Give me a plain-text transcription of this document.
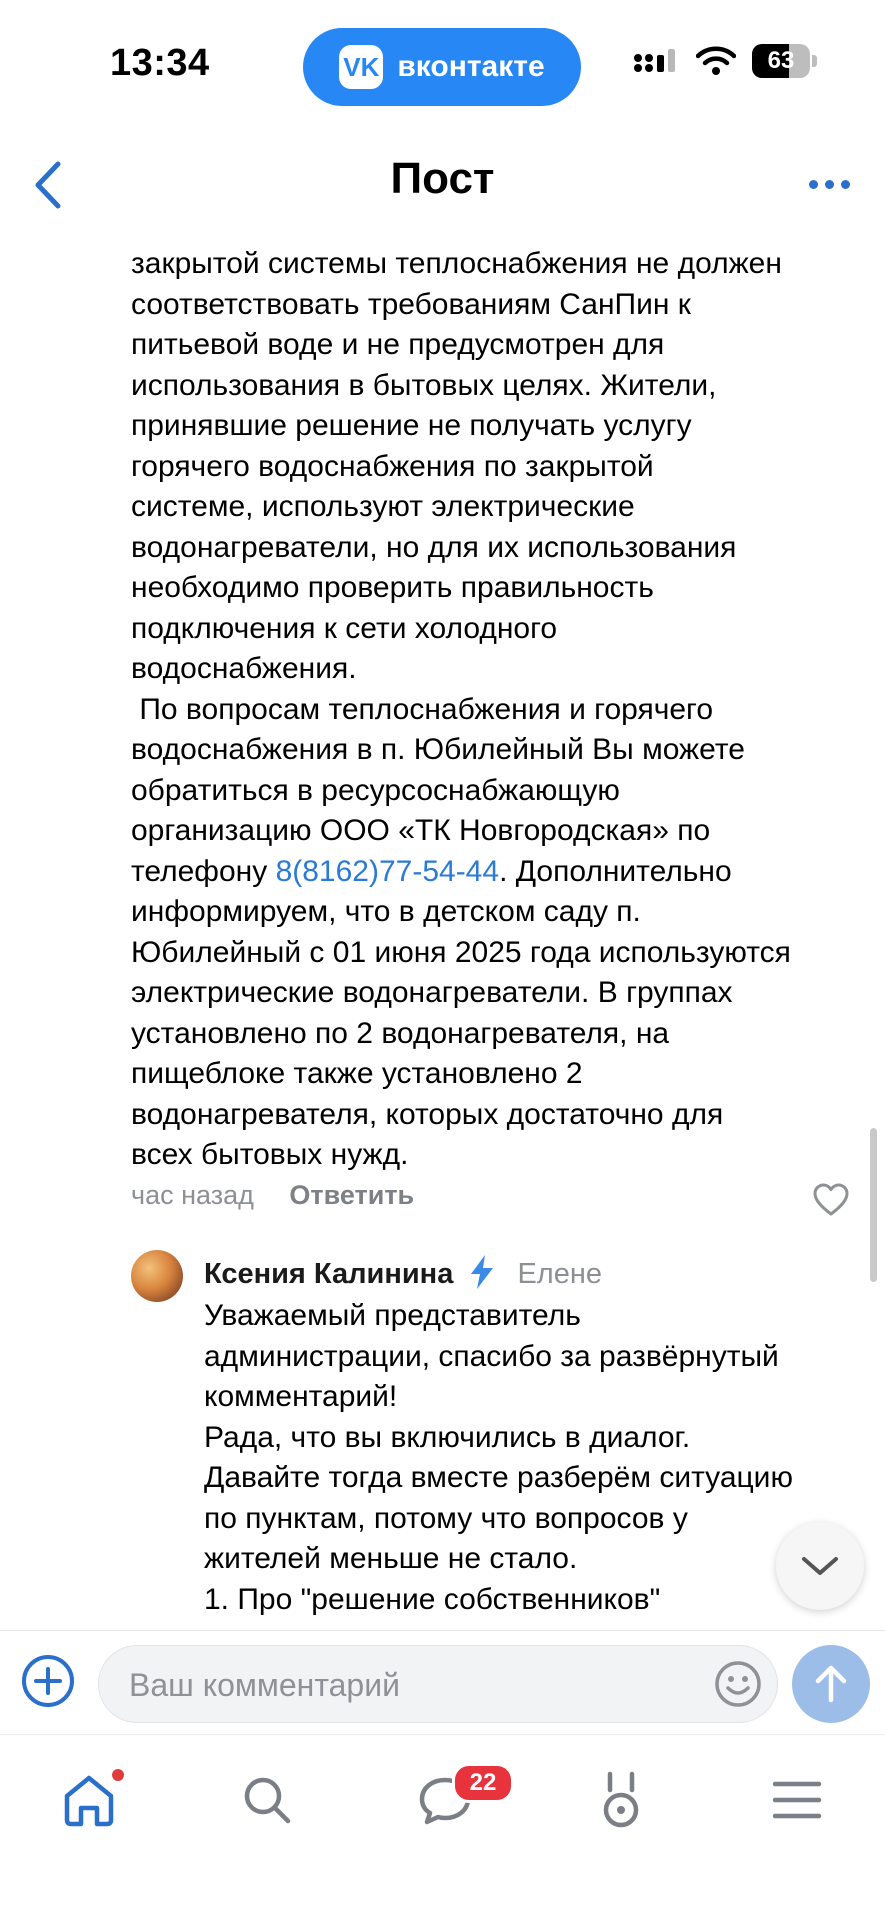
13:34	VK вконтакте	63
Пост
закрытой системы теплоснабжения не должен
соответствовать требованиям СанПин к
питьевой воде и не предусмотрен для
использования в бытовых целях. Жители,
принявшие решение не получать услугу
горячего водоснабжения по закрытой
системе, используют электрические
водонагреватели, но для их использования
необходимо проверить правильность
подключения к сети холодного
водоснабжения.
По вопросам теплоснабжения и горячего
водоснабжения в п. Юбилейный Вы можете
обратиться в ресурсоснабжающую
организацию ООО «ТК Новгородская» по
телефону 8(8162)77-54-44. Дополнительно
информируем, что в детском саду п.
Юбилейный с 01 июня 2025 года используются
электрические водонагреватели. В группах
установлено по 2 водонагревателя, на
пищеблоке также установлено 2
водонагревателя, которых достаточно для
всех бытовых нужд.
час назад Ответить
Ксения Калинина Елене
Уважаемый представитель
администрации, спасибо за развёрнутый
комментарий!
Рада, что вы включились в диалог.
Давайте тогда вместе разберём ситуацию
по пунктам, потому что вопросов у
жителей меньше не стало.
1. Про "решение собственников"
Ваш комментарий
22
